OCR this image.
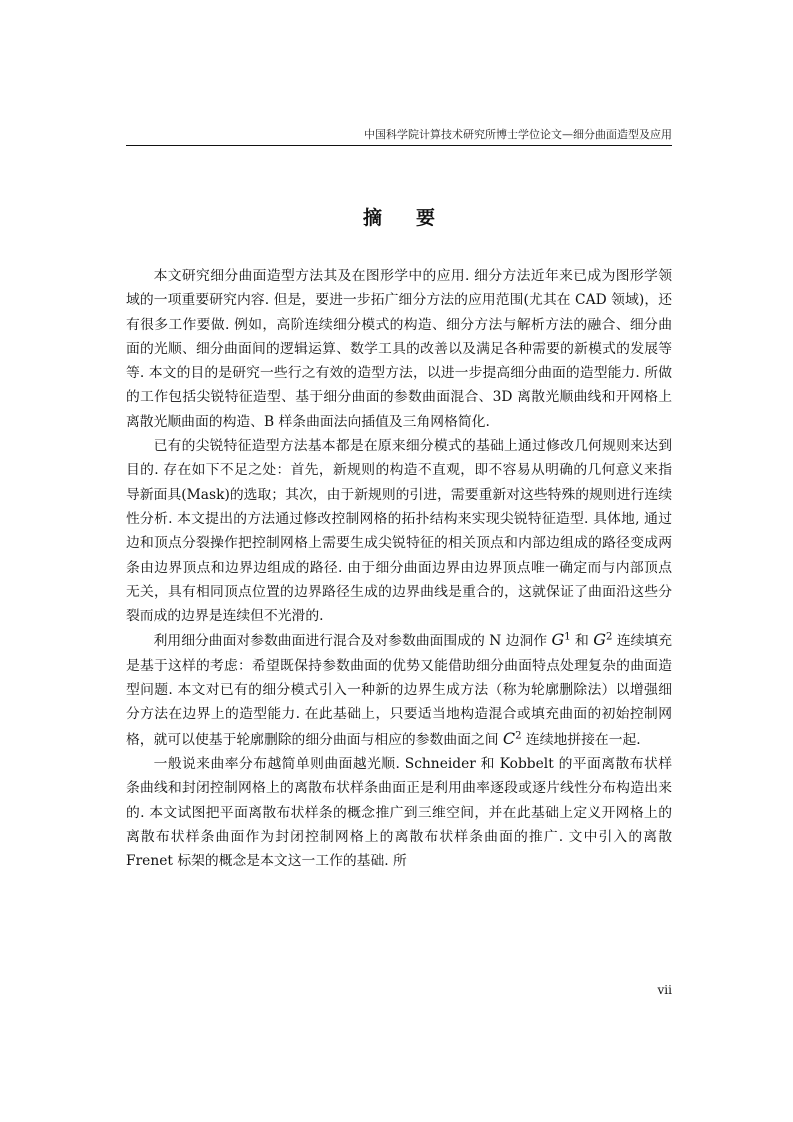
中国科学院计算技术研究所博士学位论文—细分曲面造型及应用
摘要

本文研究细分曲面造型方法其及在图形学中的应用. 细分方法近年来已成为图形学领域的一项重要研究内容. 但是，要进一步拓广细分方法的应用范围(尤其在 CAD 领域)，还有很多工作要做. 例如，高阶连续细分模式的构造、细分方法与解析方法的融合、细分曲面的光顺、细分曲面间的逻辑运算、数学工具的改善以及满足各种需要的新模式的发展等等. 本文的目的是研究一些行之有效的造型方法，以进一步提高细分曲面的造型能力. 所做的工作包括尖锐特征造型、基于细分曲面的参数曲面混合、3D 离散光顺曲线和开网格上离散光顺曲面的构造、B 样条曲面法向插值及三角网格简化.

已有的尖锐特征造型方法基本都是在原来细分模式的基础上通过修改几何规则来达到目的. 存在如下不足之处：首先，新规则的构造不直观，即不容易从明确的几何意义来指导新面具(Mask)的选取；其次，由于新规则的引进，需要重新对这些特殊的规则进行连续性分析. 本文提出的方法通过修改控制网格的拓扑结构来实现尖锐特征造型. 具体地, 通过边和顶点分裂操作把控制网格上需要生成尖锐特征的相关顶点和内部边组成的路径变成两条由边界顶点和边界边组成的路径. 由于细分曲面边界由边界顶点唯一确定而与内部顶点无关，具有相同顶点位置的边界路径生成的边界曲线是重合的，这就保证了曲面沿这些分裂而成的边界是连续但不光滑的.

利用细分曲面对参数曲面进行混合及对参数曲面围成的 N 边洞作 $G^1$ 和 $G^2$ 连续填充是基于这样的考虑：希望既保持参数曲面的优势又能借助细分曲面特点处理复杂的曲面造型问题. 本文对已有的细分模式引入一种新的边界生成方法（称为轮廓删除法）以增强细分方法在边界上的造型能力. 在此基础上，只要适当地构造混合或填充曲面的初始控制网格，就可以使基于轮廓删除的细分曲面与相应的参数曲面之间 $C^2$ 连续地拼接在一起.

一般说来曲率分布越简单则曲面越光顺. Schneider 和 Kobbelt 的平面离散布状样条曲线和封闭控制网格上的离散布状样条曲面正是利用曲率逐段或逐片线性分布构造出来的. 本文试图把平面离散布状样条的概念推广到三维空间，并在此基础上定义开网格上的离散布状样条曲面作为封闭控制网格上的离散布状样条曲面的推广. 文中引入的离散 Frenet 标架的概念是本文这一工作的基础. 所

vii
